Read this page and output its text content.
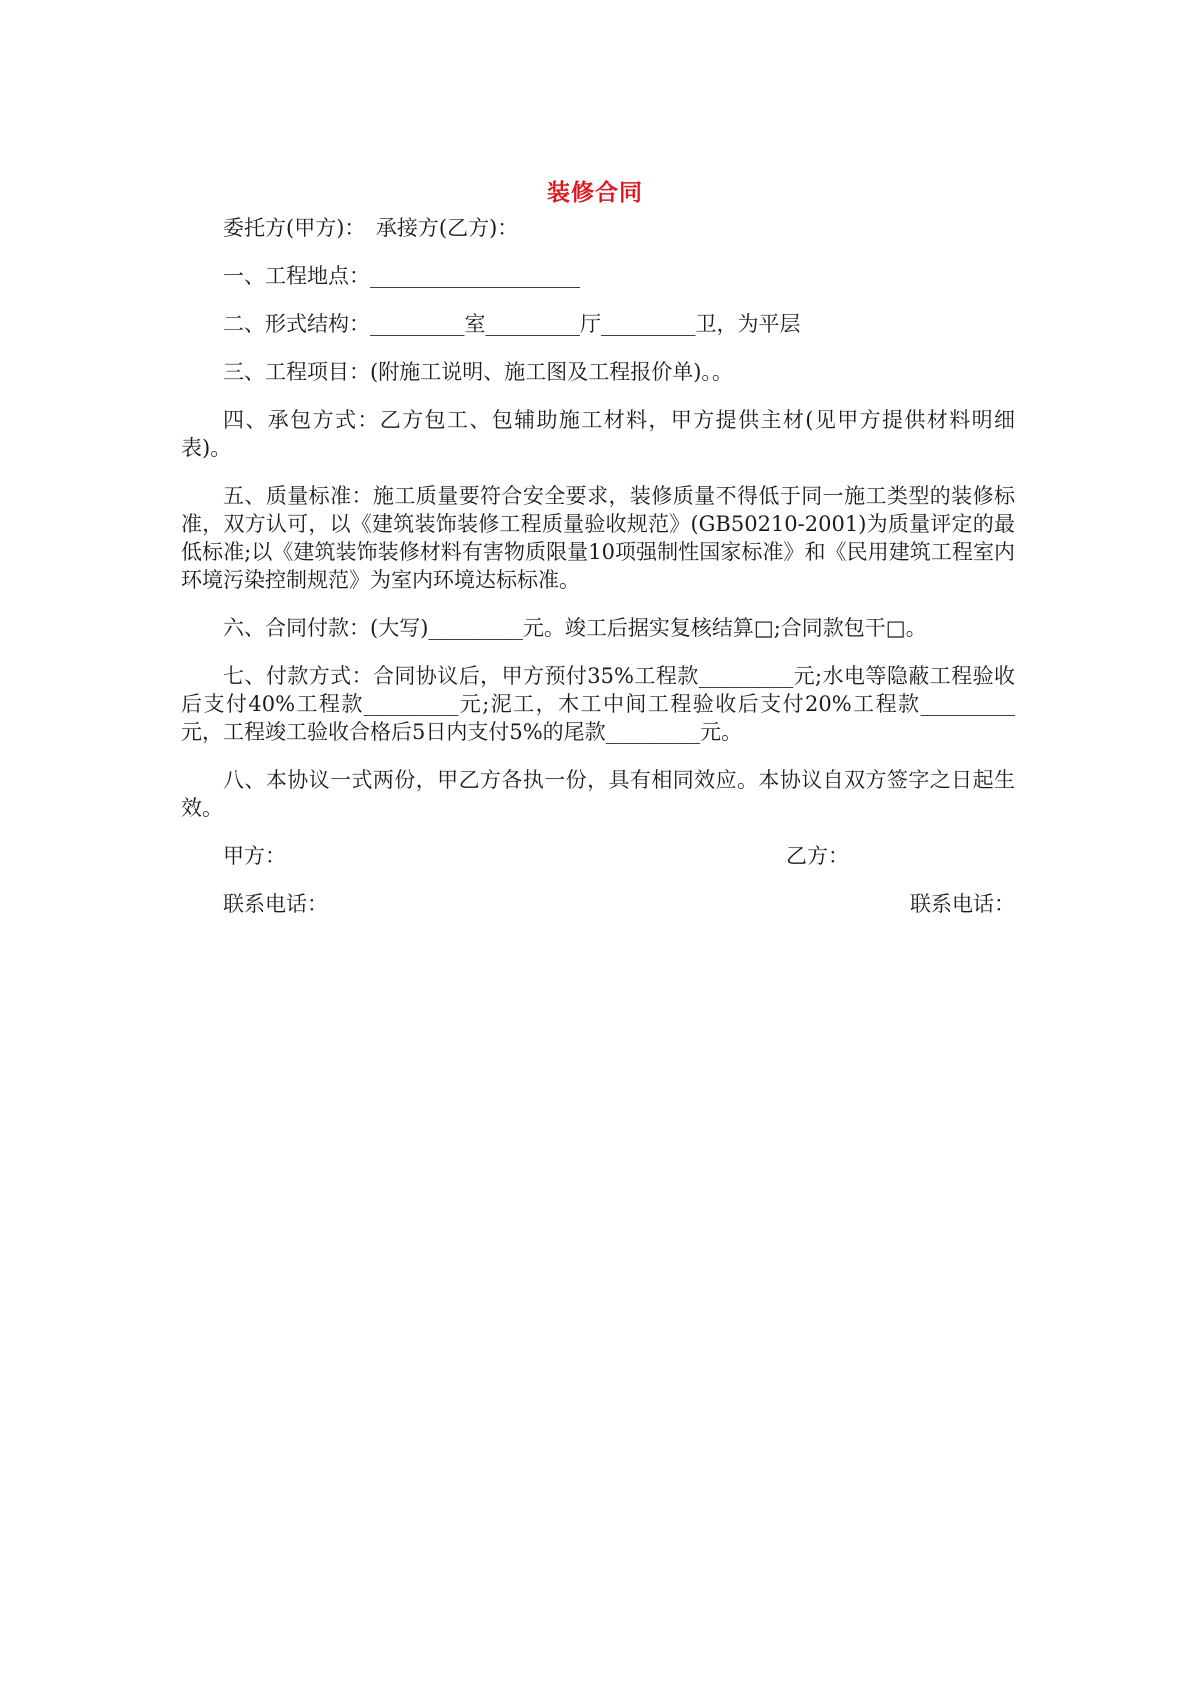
装修合同

委托方(甲方)：　承接方(乙方)：

一、工程地点：____________________

二、形式结构：_________室_________厅_________卫，为平层

三、工程项目：(附施工说明、施工图及工程报价单)。。

四、承包方式：乙方包工、包辅助施工材料，甲方提供主材(见甲方提供材料明细表)。

五、质量标准：施工质量要符合安全要求，装修质量不得低于同一施工类型的装修标准，双方认可，以《建筑装饰装修工程质量验收规范》(GB50210-2001)为质量评定的最低标准;以《建筑装饰装修材料有害物质限量10项强制性国家标准》和《民用建筑工程室内环境污染控制规范》为室内环境达标标准。

六、合同付款：(大写)_________元。竣工后据实复核结算□;合同款包干□。

七、付款方式：合同协议后，甲方预付35%工程款_________元;水电等隐蔽工程验收后支付40%工程款_________元;泥工，木工中间工程验收后支付20%工程款_________元，工程竣工验收合格后5日内支付5%的尾款_________元。

八、本协议一式两份，甲乙方各执一份，具有相同效应。本协议自双方签字之日起生效。

甲方：	乙方：
联系电话：	联系电话：
